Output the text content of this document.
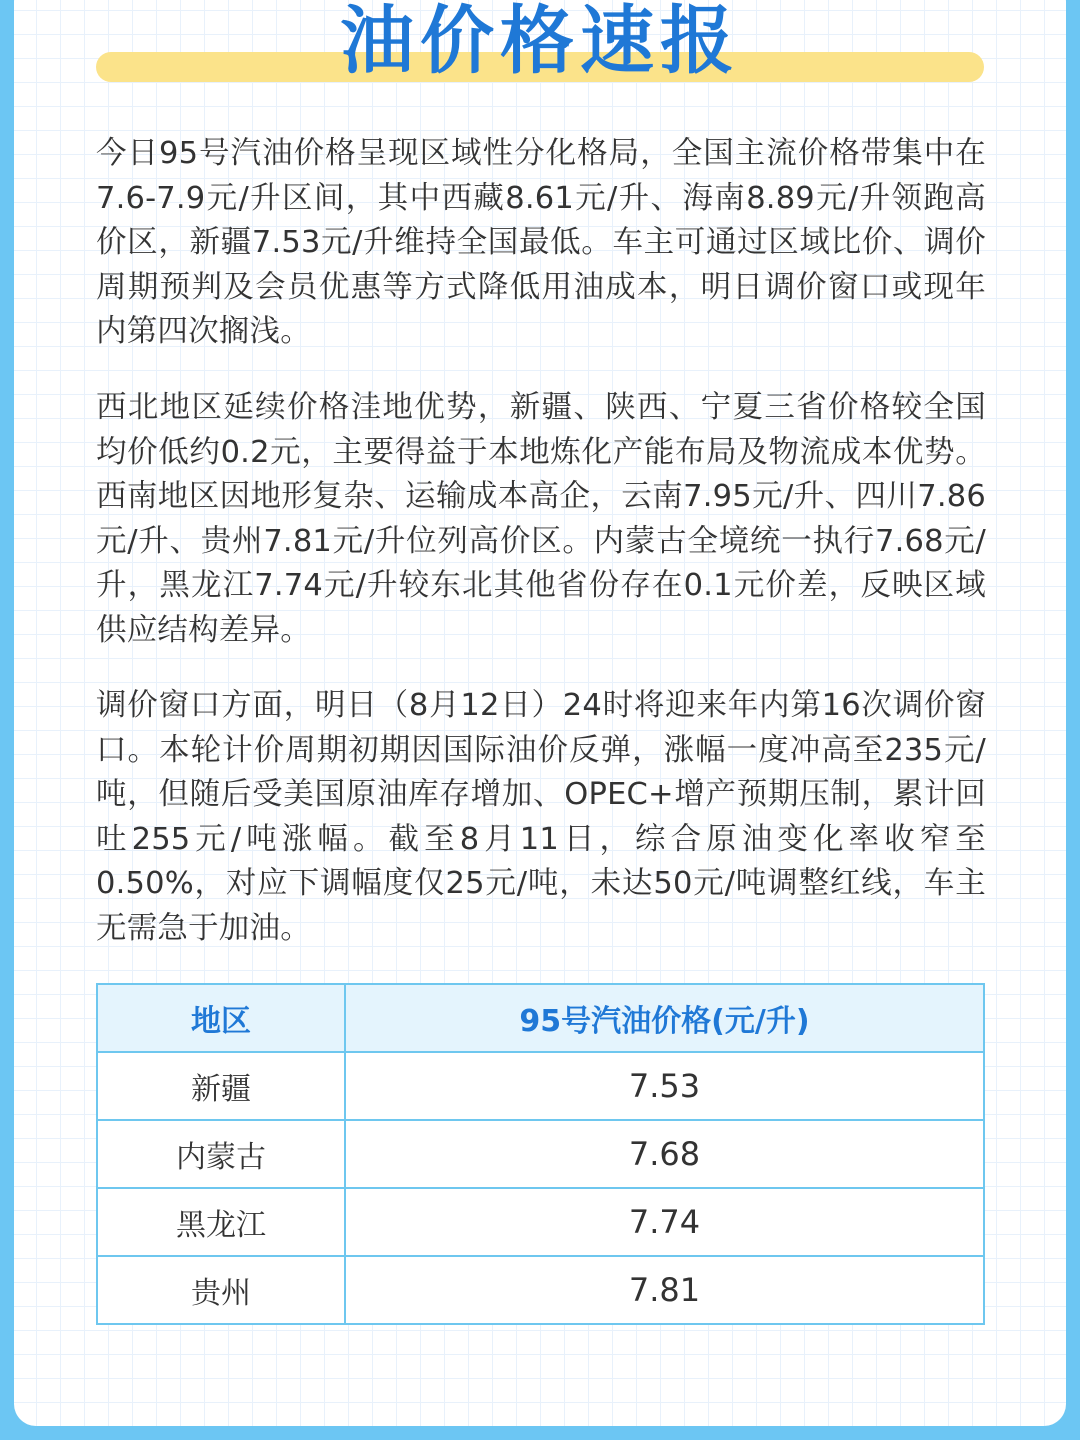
油价格速报

今日95号汽油价格呈现区域性分化格局，全国主流价格带集中在7.6-7.9元/升区间，其中西藏8.61元/升、海南8.89元/升领跑高价区，新疆7.53元/升维持全国最低。车主可通过区域比价、调价周期预判及会员优惠等方式降低用油成本，明日调价窗口或现年内第四次搁浅。

西北地区延续价格洼地优势，新疆、陕西、宁夏三省价格较全国均价低约0.2元，主要得益于本地炼化产能布局及物流成本优势。西南地区因地形复杂、运输成本高企，云南7.95元/升、四川7.86元/升、贵州7.81元/升位列高价区。内蒙古全境统一执行7.68元/升，黑龙江7.74元/升较东北其他省份存在0.1元价差，反映区域供应结构差异。

调价窗口方面，明日（8月12日）24时将迎来年内第16次调价窗口。本轮计价周期初期因国际油价反弹，涨幅一度冲高至235元/吨，但随后受美国原油库存增加、OPEC+增产预期压制，累计回吐255元/吨涨幅。截至8月11日，综合原油变化率收窄至0.50%，对应下调幅度仅25元/吨，未达50元/吨调整红线，车主无需急于加油。

地区	95号汽油价格(元/升)
新疆	7.53
内蒙古	7.68
黑龙江	7.74
贵州	7.81
